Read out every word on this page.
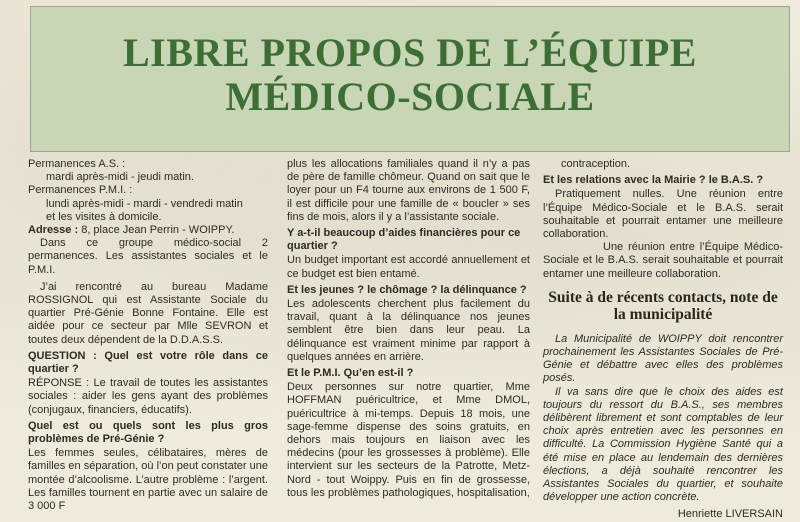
LIBRE PROPOS DE L’ÉQUIPE
MÉDICO-SOCIALE

Permanences A.S. :

mardi après-midi - jeudi matin.

Permanences P.M.I. :

lundi après-midi - mardi - vendredi matin

et les visites à domicile.

Adresse : 8, place Jean Perrin - WOIPPY.

Dans ce groupe médico-social 2 permanences. Les assistantes sociales et le P.M.I.

J’ai rencontré au bureau Madame ROSSIGNOL qui est Assistante Sociale du quartier Pré-Génie Bonne Fontaine. Elle est aidée pour ce secteur par Mlle SEVRON et toutes deux dépendent de la D.D.A.S.S.

QUESTION : Quel est votre rôle dans ce quartier ?

RÉPONSE : Le travail de toutes les assistantes sociales : aider les gens ayant des problèmes (conjugaux, financiers, éducatifs).

Quel est ou quels sont les plus gros problèmes de Pré-Génie ?

Les femmes seules, célibataires, mères de familles en séparation, où l’on peut constater une montée d’alcoolisme. L’autre problème : l’argent. Les familles tournent en partie avec un salaire de 3 000 F

plus les allocations familiales quand il n’y a pas de père de famille chômeur. Quand on sait que le loyer pour un F4 tourne aux environs de 1 500 F, il est difficile pour une famille de « boucler » ses fins de mois, alors il y a l’assistante sociale.

Y a-t-il beaucoup d’aides financières pour ce quartier ?

Un budget important est accordé annuellement et ce budget est bien entamé.

Et les jeunes ? le chômage ? la délinquance ?

Les adolescents cherchent plus facilement du travail, quant à la délinquance nos jeunes semblent être bien dans leur peau. La délinquance est vraiment minime par rapport à quelques années en arrière.

Et le P.M.I. Qu’en est-il ?

Deux personnes sur notre quartier, Mme HOFFMAN puéricultrice, et Mme DMOL, puéricultrice à mi-temps. Depuis 18 mois, une sage-femme dispense des soins gratuits, en dehors mais toujours en liaison avec les médecins (pour les grossesses à problème). Elle intervient sur les secteurs de la Patrotte, Metz-Nord - tout Woippy. Puis en fin de grossesse, tous les problèmes pathologiques, hospitalisation,

contraception.

Et les relations avec la Mairie ? le B.A.S. ?

Pratiquement nulles. Une réunion entre l’Équipe Médico-Sociale et le B.A.S. serait souhaitable et pourrait entamer une meilleure collaboration.

Une réunion entre l’Équipe Médico-Sociale et le B.A.S. serait souhaitable et pourrait entamer une meilleure collaboration.

Suite à de récents contacts, note de la municipalité

La Municipalité de WOIPPY doit rencontrer prochainement les Assistantes Sociales de Pré-Génie et débattre avec elles des problèmes posés.

Il va sans dire que le choix des aides est toujours du ressort du B.A.S., ses membres délibèrent librement et sont comptables de leur choix après entretien avec les personnes en difficulté. La Commission Hygiène Santé qui a été mise en place au lendemain des dernières élections, a déjà souhaité rencontrer les Assistantes Sociales du quartier, et souhaite développer une action concrète.

Henriette LIVERSAIN
